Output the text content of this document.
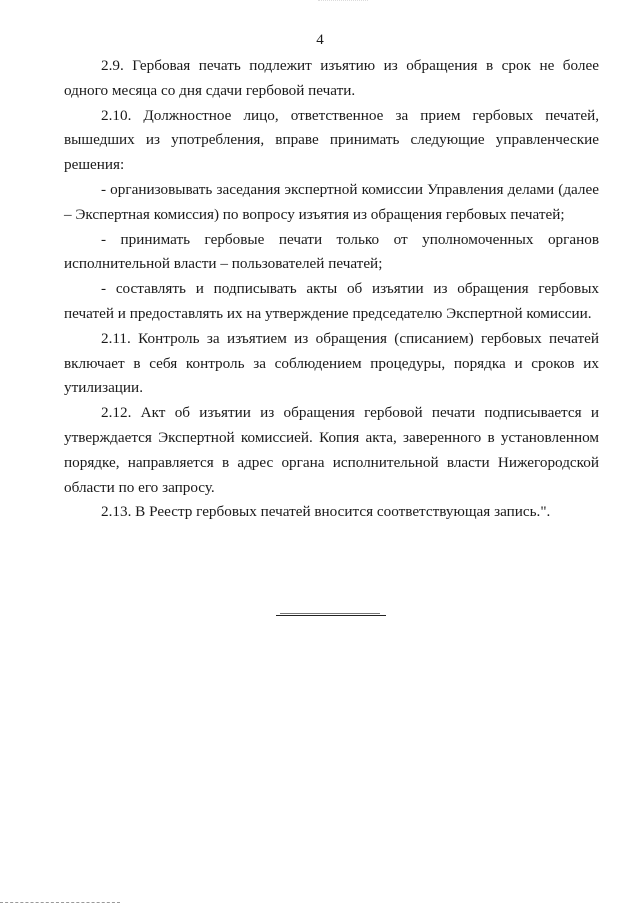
4

2.9. Гербовая печать подлежит изъятию из обращения в срок не более одного месяца со дня сдачи гербовой печати.

2.10. Должностное лицо, ответственное за прием гербовых печатей, вышедших из употребления, вправе принимать следующие управленческие решения:

- организовывать заседания экспертной комиссии Управления делами (далее – Экспертная комиссия) по вопросу изъятия из обращения гербовых печатей;

- принимать гербовые печати только от уполномоченных органов исполнительной власти – пользователей печатей;

- составлять и подписывать акты об изъятии из обращения гербовых печатей и предоставлять их на утверждение председателю Экспертной комиссии.

2.11. Контроль за изъятием из обращения (списанием) гербовых печатей включает в себя контроль за соблюдением процедуры, порядка и сроков их утилизации.

2.12. Акт об изъятии из обращения гербовой печати подписывается и утверждается Экспертной комиссией. Копия акта, заверенного в установленном порядке, направляется в адрес органа исполнительной власти Нижегородской области по его запросу.

2.13. В Реестр гербовых печатей вносится соответствующая запись.".
